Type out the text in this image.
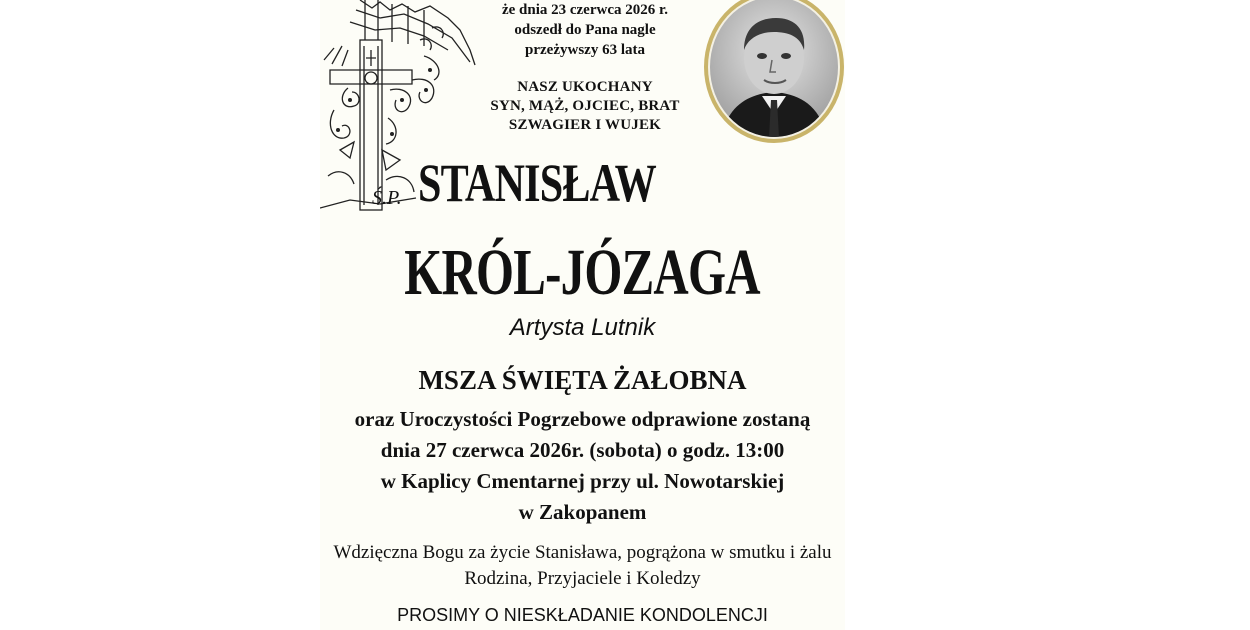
że dnia 23 czerwca 2026 r.
odszedł do Pana nagle
przeżywszy 63 lata
NASZ UKOCHANY
SYN, MĄŻ, OJCIEC, BRAT
SZWAGIER I WUJEK
Ś.P. STANISŁAW
KRÓL-JÓZAGA
Artysta Lutnik
MSZA ŚWIĘTA ŻAŁOBNA
oraz Uroczystości Pogrzebowe odprawione zostaną
dnia 27 czerwca 2026r. (sobota) o godz. 13:00
w Kaplicy Cmentarnej przy ul. Nowotarskiej
w Zakopanem
Wdzięczna Bogu za życie Stanisława, pogrążona w smutku i żalu
Rodzina, Przyjaciele i Koledzy
PROSIMY O NIESKŁADANIE KONDOLENCJI
